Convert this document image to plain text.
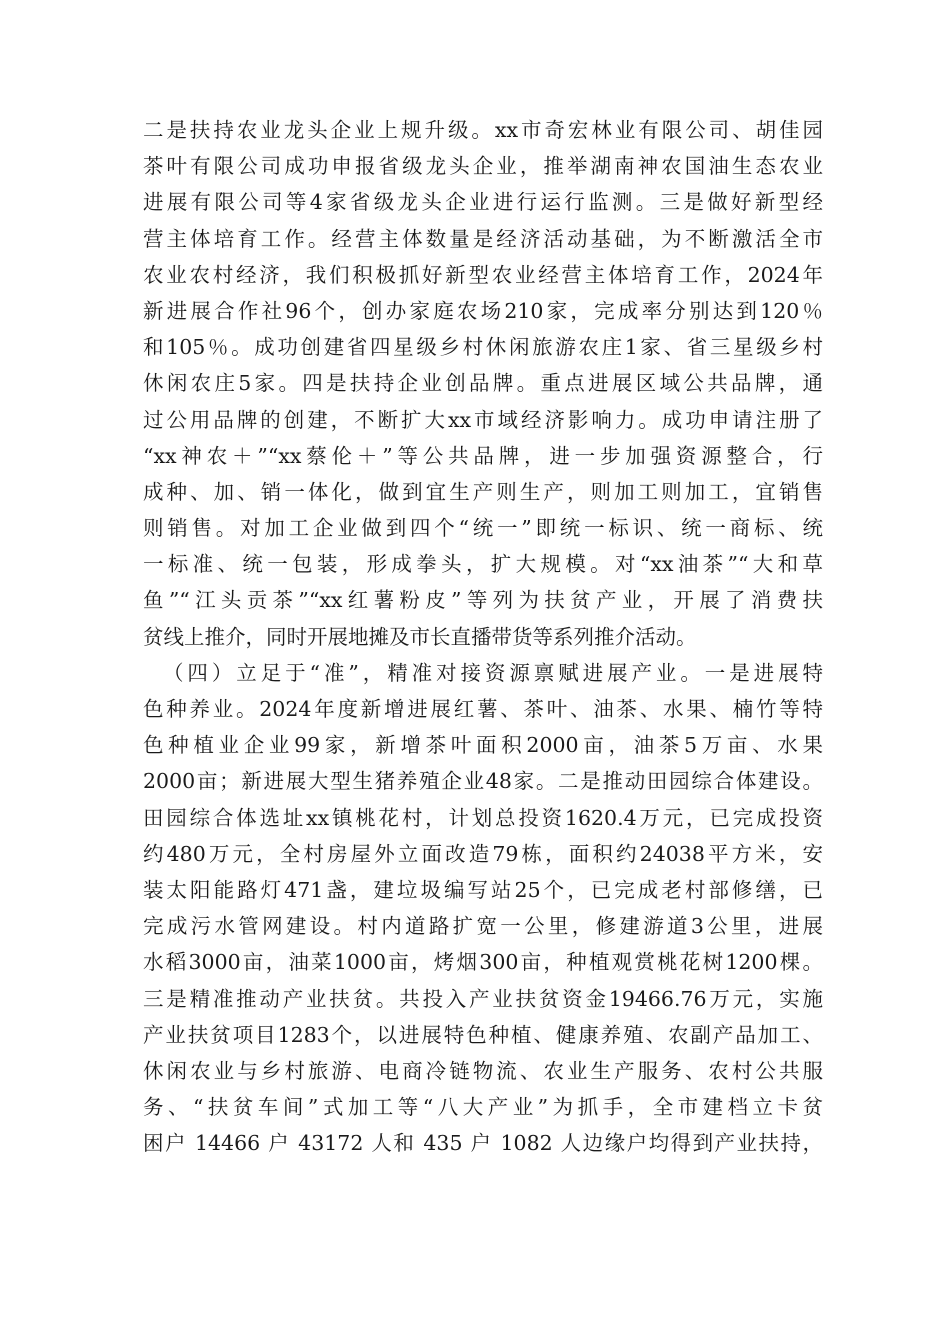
二是扶持农业龙头企业上规升级。xx市奇宏林业有限公司、胡佳园
茶叶有限公司成功申报省级龙头企业，推举湖南神农国油生态农业
进展有限公司等4家省级龙头企业进行运行监测。三是做好新型经
营主体培育工作。经营主体数量是经济活动基础，为不断激活全市
农业农村经济，我们积极抓好新型农业经营主体培育工作，2024年
新进展合作社96个，创办家庭农场210家，完成率分别达到120％
和105％。成功创建省四星级乡村休闲旅游农庄1家、省三星级乡村
休闲农庄5家。四是扶持企业创品牌。重点进展区域公共品牌，通
过公用品牌的创建，不断扩大xx市域经济影响力。成功申请注册了
“xx神农＋”“xx蔡伦＋”等公共品牌，进一步加强资源整合，行
成种、加、销一体化，做到宜生产则生产，则加工则加工，宜销售
则销售。对加工企业做到四个“统一”即统一标识、统一商标、统
一标准、统一包装，形成拳头，扩大规模。对“xx油茶”“大和草
鱼”“江头贡茶”“xx红薯粉皮”等列为扶贫产业，开展了消费扶
贫线上推介，同时开展地摊及市长直播带货等系列推介活动。
（四）立足于“准”，精准对接资源禀赋进展产业。一是进展特
色种养业。2024年度新增进展红薯、茶叶、油茶、水果、楠竹等特
色种植业企业99家，新增茶叶面积2000亩，油茶5万亩、水果
2000亩；新进展大型生猪养殖企业48家。二是推动田园综合体建设。
田园综合体选址xx镇桃花村，计划总投资1620.4万元，已完成投资
约480万元，全村房屋外立面改造79栋，面积约24038平方米，安
装太阳能路灯471盏，建垃圾编写站25个，已完成老村部修缮，已
完成污水管网建设。村内道路扩宽一公里，修建游道3公里，进展
水稻3000亩，油菜1000亩，烤烟300亩，种植观赏桃花树1200棵。
三是精准推动产业扶贫。共投入产业扶贫资金19466.76万元，实施
产业扶贫项目1283个，以进展特色种植、健康养殖、农副产品加工、
休闲农业与乡村旅游、电商冷链物流、农业生产服务、农村公共服
务、“扶贫车间”式加工等“八大产业”为抓手，全市建档立卡贫
困户 14466 户 43172 人和 435 户 1082 人边缘户均得到产业扶持，
